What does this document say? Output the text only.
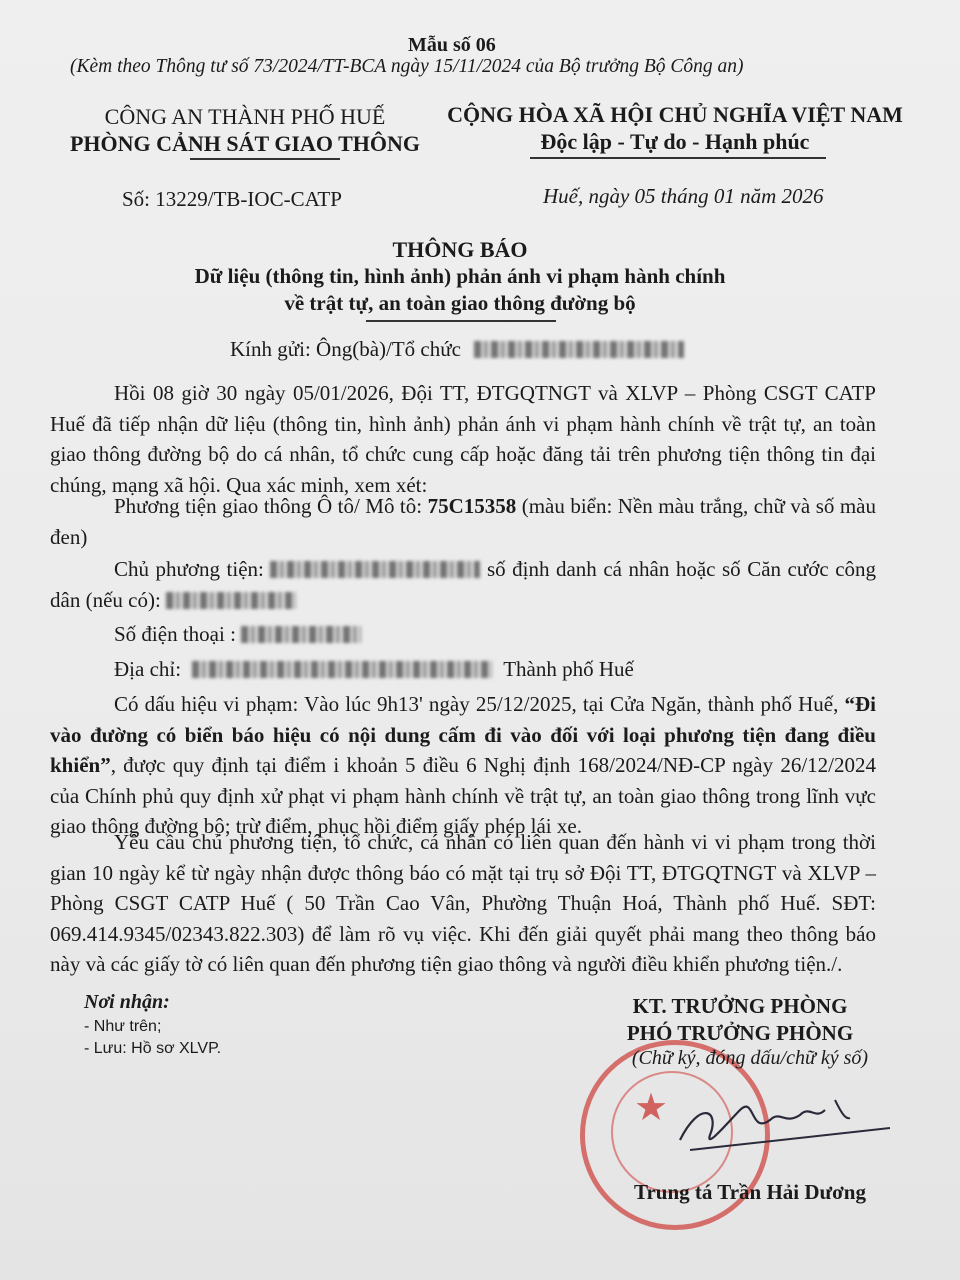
Mẫu số 06
(Kèm theo Thông tư số 73/2024/TT-BCA ngày 15/11/2024 của Bộ trưởng Bộ Công an)
CÔNG AN THÀNH PHỐ HUẾ
PHÒNG CẢNH SÁT GIAO THÔNG
Số: 13229/TB-IOC-CATP
CỘNG HÒA XÃ HỘI CHỦ NGHĨA VIỆT NAM
Độc lập - Tự do - Hạnh phúc
Huế, ngày 05 tháng 01 năm 2026
THÔNG BÁO
Dữ liệu (thông tin, hình ảnh) phản ánh vi phạm hành chính
về trật tự, an toàn giao thông đường bộ
Kính gửi: Ông(bà)/Tổ chức
Hồi 08 giờ 30 ngày 05/01/2026, Đội TT, ĐTGQTNGT và XLVP – Phòng CSGT CATP Huế đã tiếp nhận dữ liệu (thông tin, hình ảnh) phản ánh vi phạm hành chính về trật tự, an toàn giao thông đường bộ do cá nhân, tổ chức cung cấp hoặc đăng tải trên phương tiện thông tin đại chúng, mạng xã hội. Qua xác minh, xem xét:
Phương tiện giao thông Ô tô/ Mô tô: 75C15358 (màu biển: Nền màu trắng, chữ và số màu đen)
Chủ phương tiện:	số định danh cá nhân hoặc số Căn cước công dân (nếu có):
Số điện thoại :
Địa chỉ:	Thành phố Huế
Có dấu hiệu vi phạm: Vào lúc 9h13' ngày 25/12/2025, tại Cửa Ngăn, thành phố Huế, “Đi vào đường có biển báo hiệu có nội dung cấm đi vào đối với loại phương tiện đang điều khiển”, được quy định tại điểm i khoản 5 điều 6 Nghị định 168/2024/NĐ-CP ngày 26/12/2024 của Chính phủ quy định xử phạt vi phạm hành chính về trật tự, an toàn giao thông trong lĩnh vực giao thông đường bộ; trừ điểm, phục hồi điểm giấy phép lái xe.
Yêu cầu chủ phương tiện, tổ chức, cá nhân có liên quan đến hành vi vi phạm trong thời gian 10 ngày kể từ ngày nhận được thông báo có mặt tại trụ sở Đội TT, ĐTGQTNGT và XLVP – Phòng CSGT CATP Huế ( 50 Trần Cao Vân, Phường Thuận Hoá, Thành phố Huế. SĐT: 069.414.9345/02343.822.303) để làm rõ vụ việc. Khi đến giải quyết phải mang theo thông báo này và các giấy tờ có liên quan đến phương tiện giao thông và người điều khiển phương tiện./.
Nơi nhận:
- Như trên;
- Lưu: Hồ sơ XLVP.
★
KT. TRƯỞNG PHÒNG
PHÓ TRƯỞNG PHÒNG
(Chữ ký, đóng dấu/chữ ký số)
Trung tá Trần Hải Dương
